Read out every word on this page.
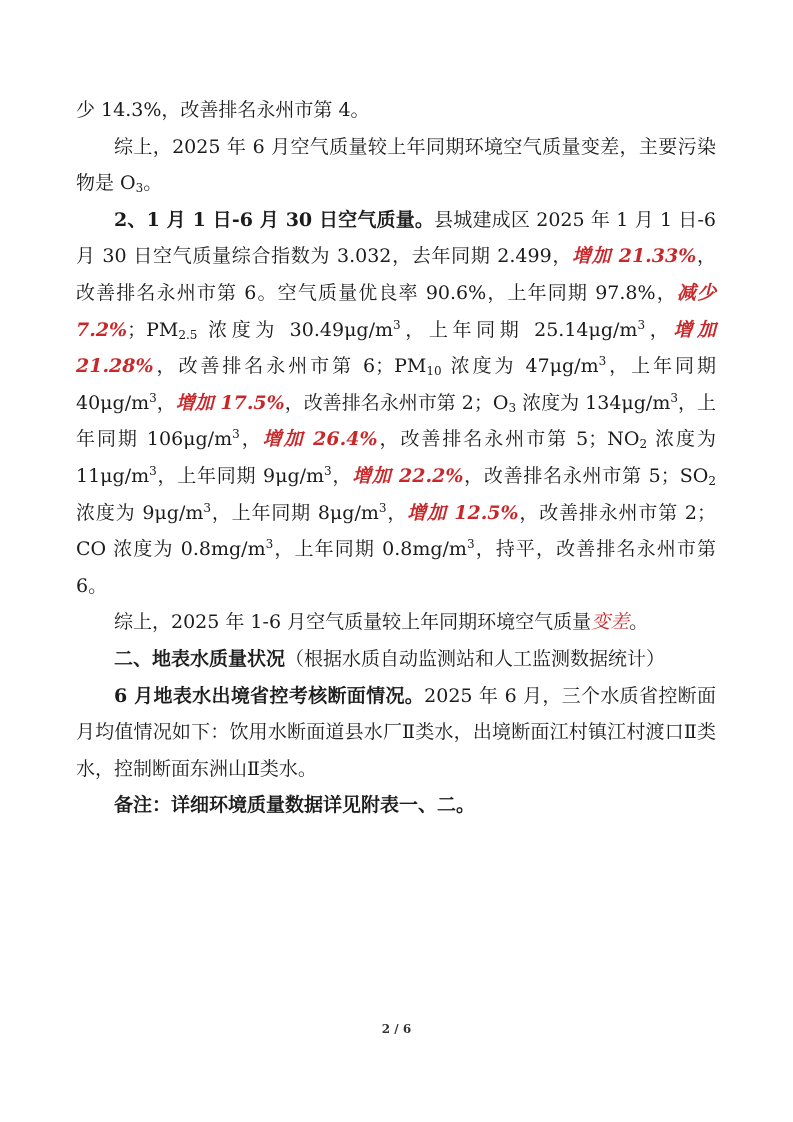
少 14.3%，改善排名永州市第 4。

综上，2025 年 6 月空气质量较上年同期环境空气质量变差，主要污染物是 $O_3$。

2、1 月 1 日-6 月 30 日空气质量。县城建成区 2025 年 1 月 1 日-6 月 30 日空气质量综合指数为 3.032，去年同期 2.499，增加 21.33%，改善排名永州市第 6。空气质量优良率 90.6%，上年同期 97.8%，减少 7.2%；$PM_{2.5}$ 浓度为 $30.49\mu g/m^3$，上年同期 $25.14\mu g/m^3$，增加 21.28%，改善排名永州市第 6；$PM_{10}$ 浓度为 $47\mu g/m^3$，上年同期 $40\mu g/m^3$，增加 17.5%，改善排名永州市第 2；$O_3$ 浓度为 $134\mu g/m^3$，上年同期 $106\mu g/m^3$，增加 26.4%，改善排名永州市第 5；$NO_2$ 浓度为 $11\mu g/m^3$，上年同期 $9\mu g/m^3$，增加 22.2%，改善排名永州市第 5；$SO_2$ 浓度为 $9\mu g/m^3$，上年同期 $8\mu g/m^3$，增加 12.5%，改善排永州市第 2；CO 浓度为 $0.8mg/m^3$，上年同期 $0.8mg/m^3$，持平，改善排名永州市第 6。

综上，2025 年 1-6 月空气质量较上年同期环境空气质量变差。

二、地表水质量状况（根据水质自动监测站和人工监测数据统计）

6 月地表水出境省控考核断面情况。2025 年 6 月，三个水质省控断面月均值情况如下：饮用水断面道县水厂Ⅱ类水，出境断面江村镇江村渡口Ⅱ类水，控制断面东洲山Ⅱ类水。

备注：详细环境质量数据详见附表一、二。

2 / 6
